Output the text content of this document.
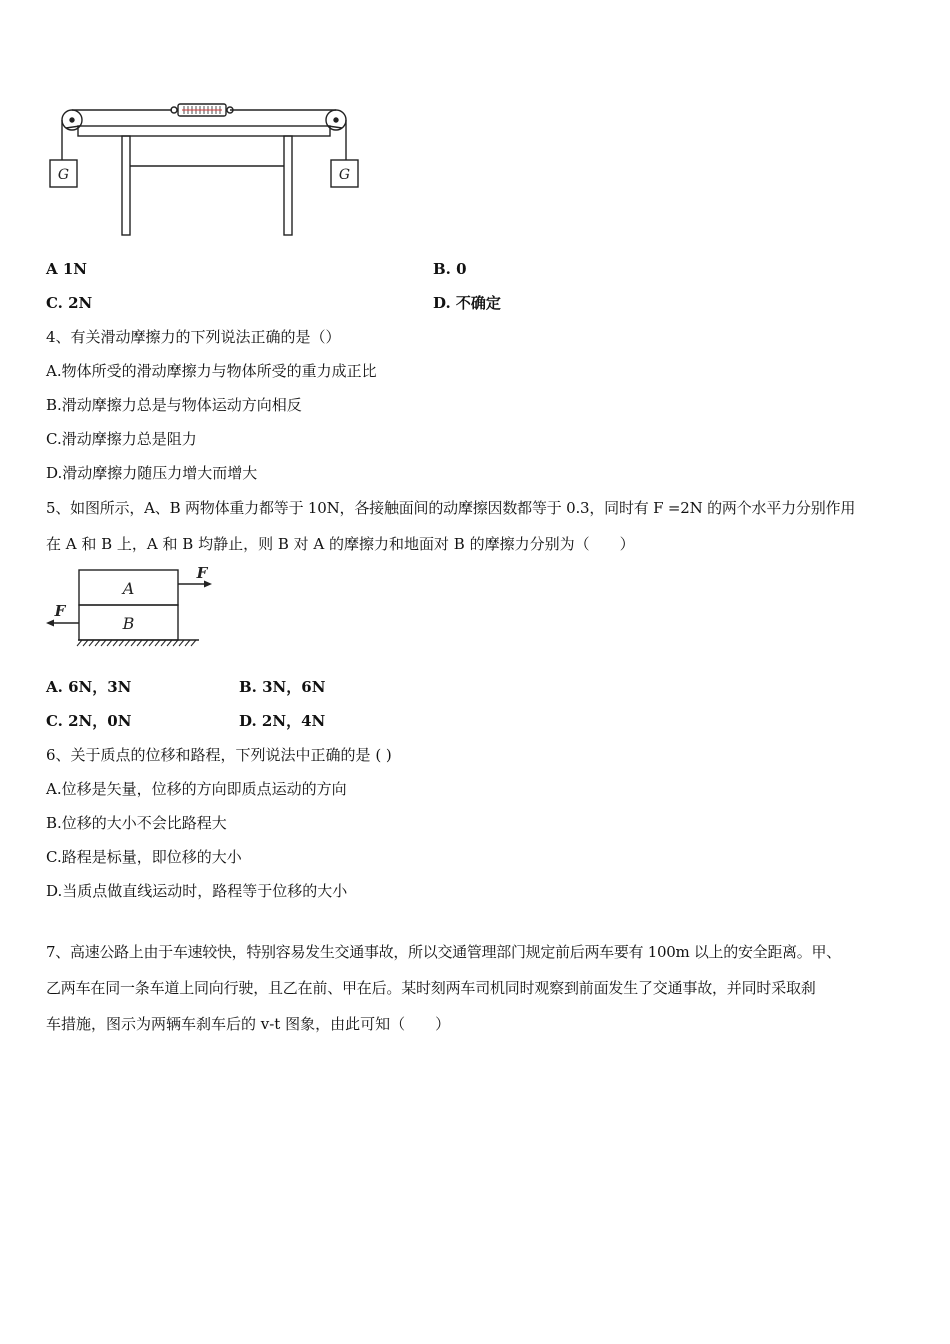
G	G
A 1N	B. 0
C. 2N	D. 不确定
4、有关滑动摩擦力的下列说法正确的是（）
A.物体所受的滑动摩擦力与物体所受的重力成正比
B.滑动摩擦力总是与物体运动方向相反
C.滑动摩擦力总是阻力
D.滑动摩擦力随压力增大而增大
5、如图所示，A、B 两物体重力都等于 10N，各接触面间的动摩擦因数都等于 0.3，同时有 F =2N 的两个水平力分别作用
在 A 和 B 上，A 和 B 均静止，则 B 对 A 的摩擦力和地面对 B 的摩擦力分别为（　　）
A
B
F
F
A. 6N，3N	B. 3N，6N
C. 2N，0N	D. 2N，4N
6、关于质点的位移和路程，下列说法中正确的是 ( )
A.位移是矢量，位移的方向即质点运动的方向
B.位移的大小不会比路程大
C.路程是标量，即位移的大小
D.当质点做直线运动时，路程等于位移的大小
7、高速公路上由于车速较快，特别容易发生交通事故，所以交通管理部门规定前后两车要有 100m 以上的安全距离。甲、
乙两车在同一条车道上同向行驶，且乙在前、甲在后。某时刻两车司机同时观察到前面发生了交通事故，并同时采取刹
车措施，图示为两辆车刹车后的 v-t 图象，由此可知（　　）
